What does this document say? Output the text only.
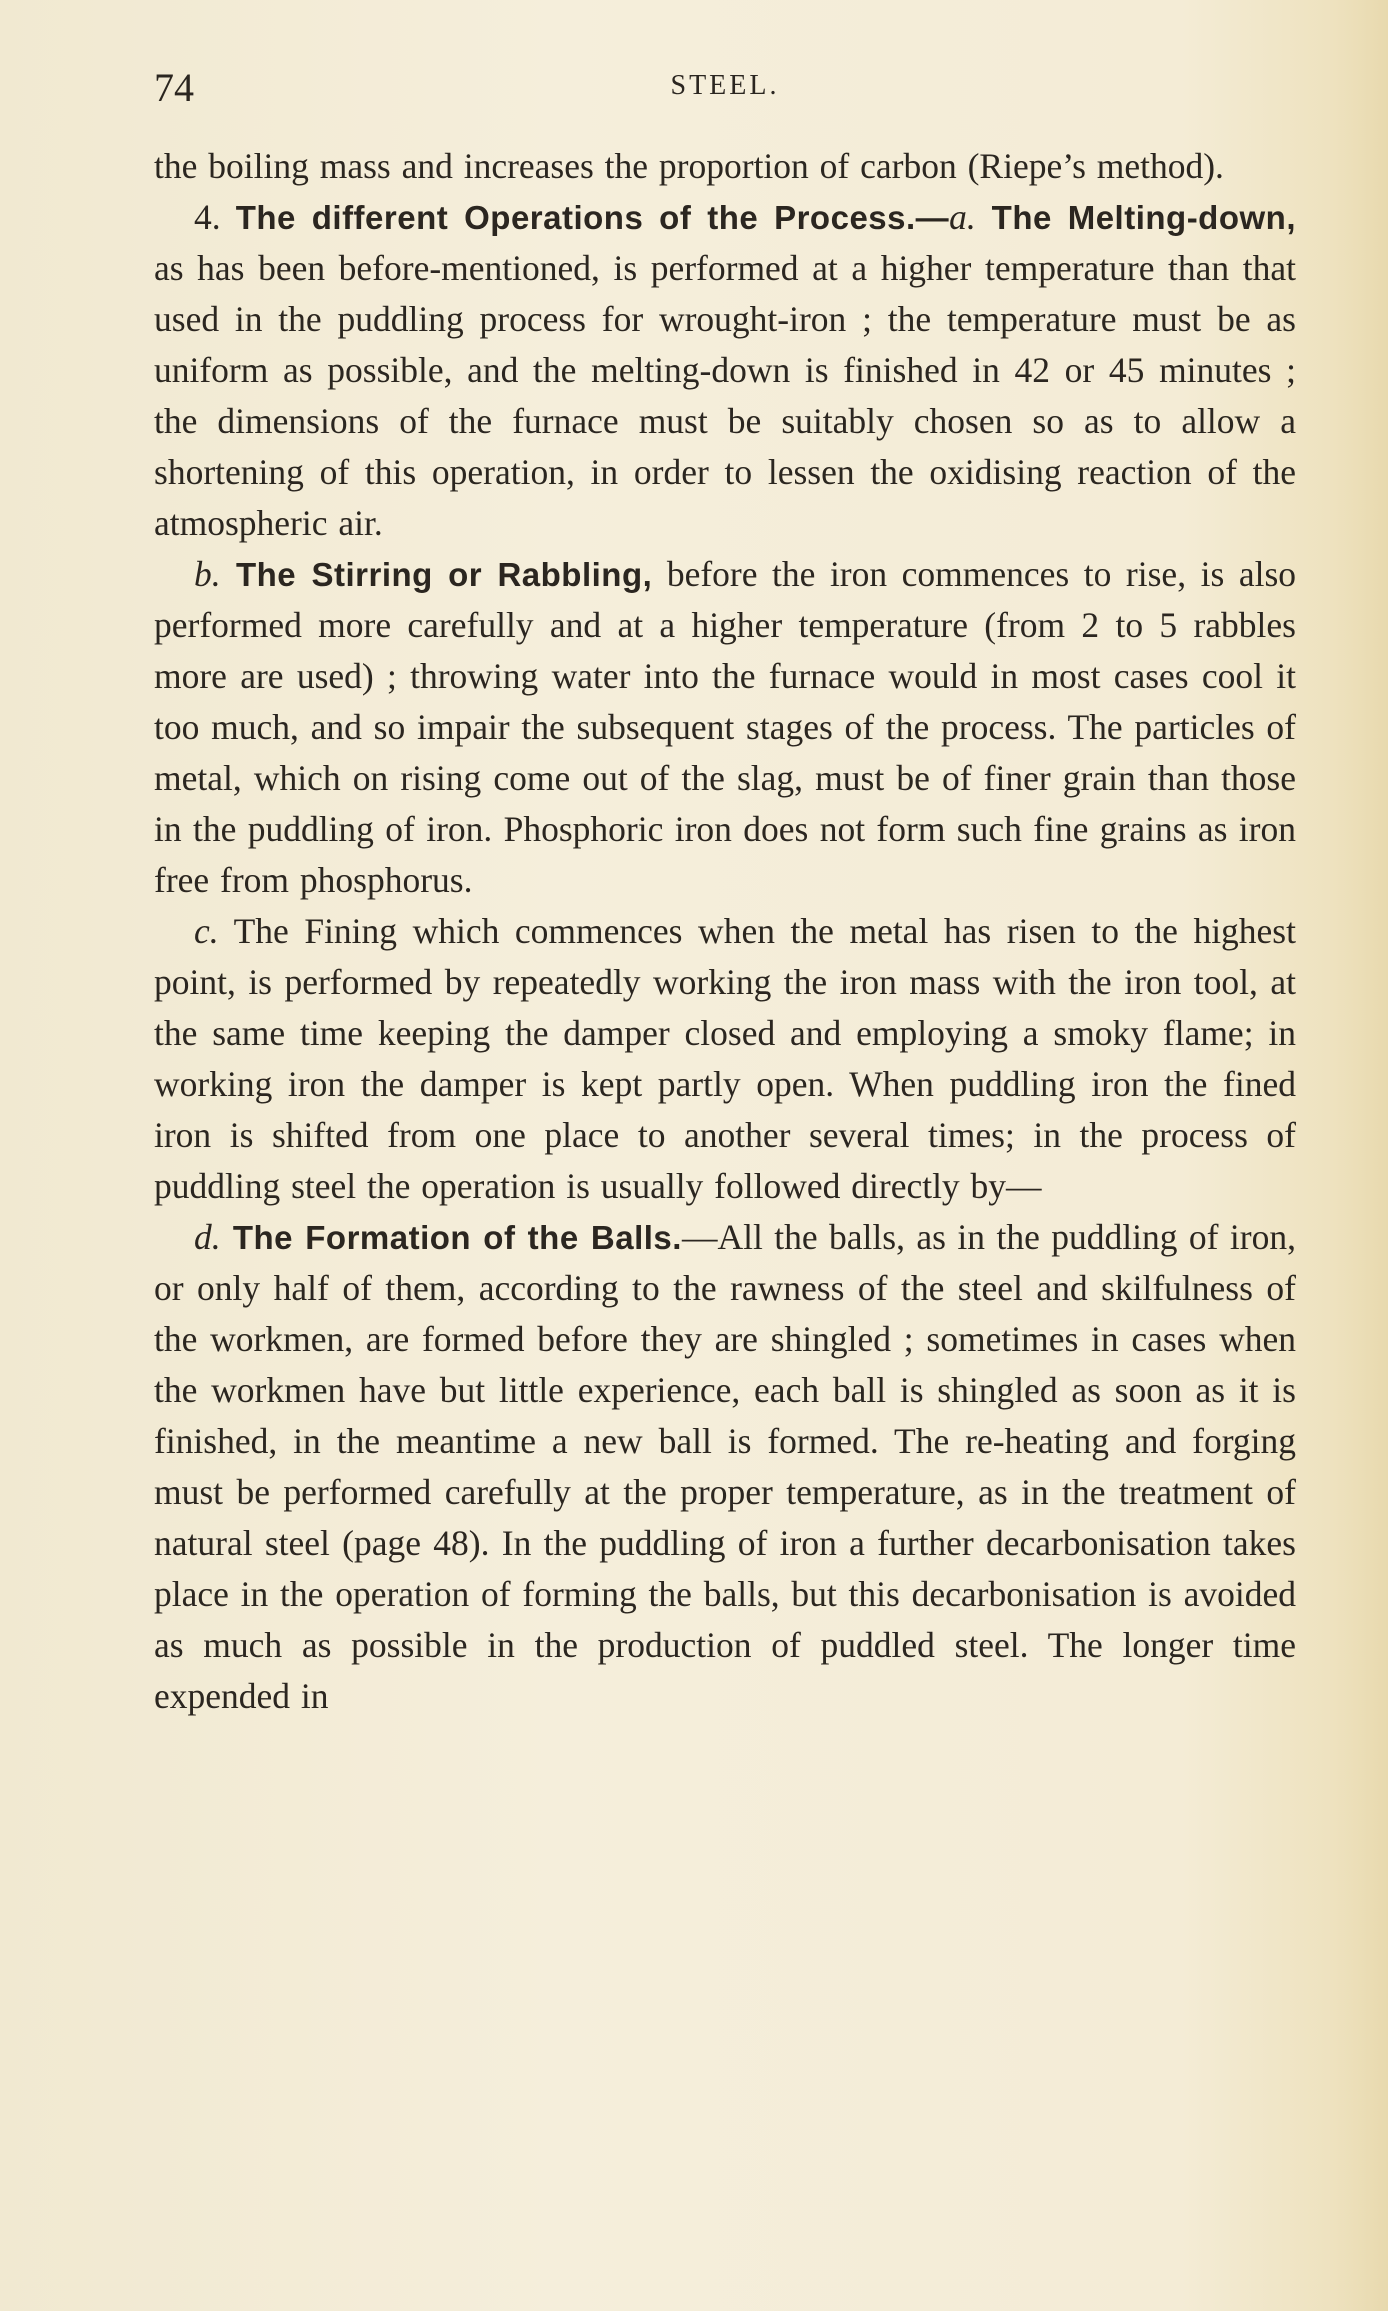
74	STEEL.

the boiling mass and increases the proportion of carbon (Riepe’s method).

4. The different Operations of the Process.—a. The Melting-down, as has been before-mentioned, is performed at a higher temperature than that used in the puddling process for wrought-iron ; the temperature must be as uniform as possible, and the melting-down is finished in 42 or 45 minutes ; the dimensions of the furnace must be suitably chosen so as to allow a shortening of this operation, in order to lessen the oxidising reaction of the atmospheric air.

b. The Stirring or Rabbling, before the iron commences to rise, is also performed more carefully and at a higher temperature (from 2 to 5 rabbles more are used) ; throwing water into the furnace would in most cases cool it too much, and so impair the subsequent stages of the process. The particles of metal, which on rising come out of the slag, must be of finer grain than those in the puddling of iron. Phosphoric iron does not form such fine grains as iron free from phosphorus.

c. The Fining which commences when the metal has risen to the highest point, is performed by repeatedly working the iron mass with the iron tool, at the same time keeping the damper closed and employing a smoky flame; in working iron the damper is kept partly open. When puddling iron the fined iron is shifted from one place to another several times; in the process of puddling steel the operation is usually followed directly by—

d. The Formation of the Balls.—All the balls, as in the puddling of iron, or only half of them, according to the rawness of the steel and skilfulness of the workmen, are formed before they are shingled ; sometimes in cases when the workmen have but little experience, each ball is shingled as soon as it is finished, in the meantime a new ball is formed. The re-heating and forging must be performed carefully at the proper temperature, as in the treatment of natural steel (page 48). In the puddling of iron a further decarbonisation takes place in the operation of forming the balls, but this decarbonisation is avoided as much as possible in the production of puddled steel. The longer time expended in
